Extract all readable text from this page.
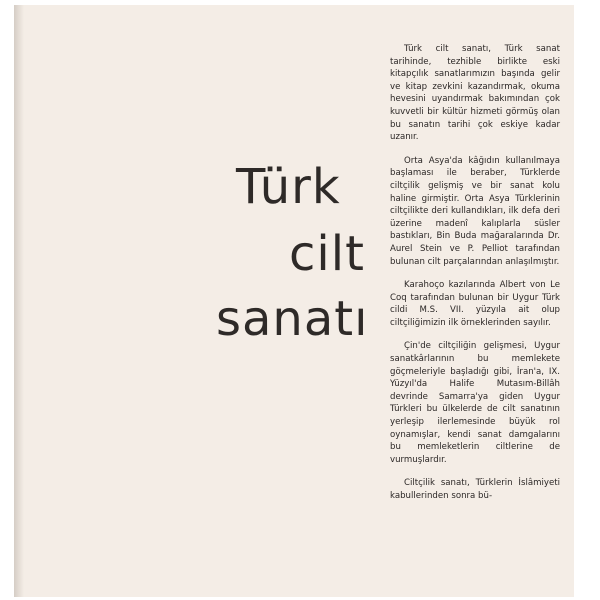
Türk
cilt
sanatı

Türk cilt sanatı, Türk sanat tarihinde, tezhible birlikte eski kitapçılık sanatlarımızın başında gelir ve kitap zevkini kazandırmak, okuma hevesini uyandırmak bakımından çok kuvvetli bir kültür hizmeti görmüş olan bu sanatın tarihi çok eskiye kadar uzanır.

Orta Asya'da kâğıdın kullanılmaya başlaması ile beraber, Türklerde ciltçilik gelişmiş ve bir sanat kolu haline girmiştir. Orta Asya Türklerinin ciltçilikte deri kullandıkları, ilk defa deri üzerine madenî kalıplarla süsler bastıkları, Bin Buda mağaralarında Dr. Aurel Stein ve P. Pelliot tarafından bulunan cilt parçalarından anlaşılmıştır.

Karahoço kazılarında Albert von Le Coq tarafından bulunan bir Uygur Türk cildi M.S. VII. yüzyıla ait olup ciltçiliğimizin ilk örneklerinden sayılır.

Çin'de ciltçiliğin gelişmesi, Uygur sanatkârlarının bu memlekete göçmeleriyle başladığı gibi, İran'a, IX. Yüzyıl'da Halife Mutasım-Billâh devrinde Samarra'ya giden Uygur Türkleri bu ülkelerde de cilt sanatının yerleşip ilerlemesinde büyük rol oynamışlar, kendi sanat damgalarını bu memleketlerin ciltlerine de vurmuşlardır.

Ciltçilik sanatı, Türklerin İslâmiyeti kabullerinden sonra bü-
